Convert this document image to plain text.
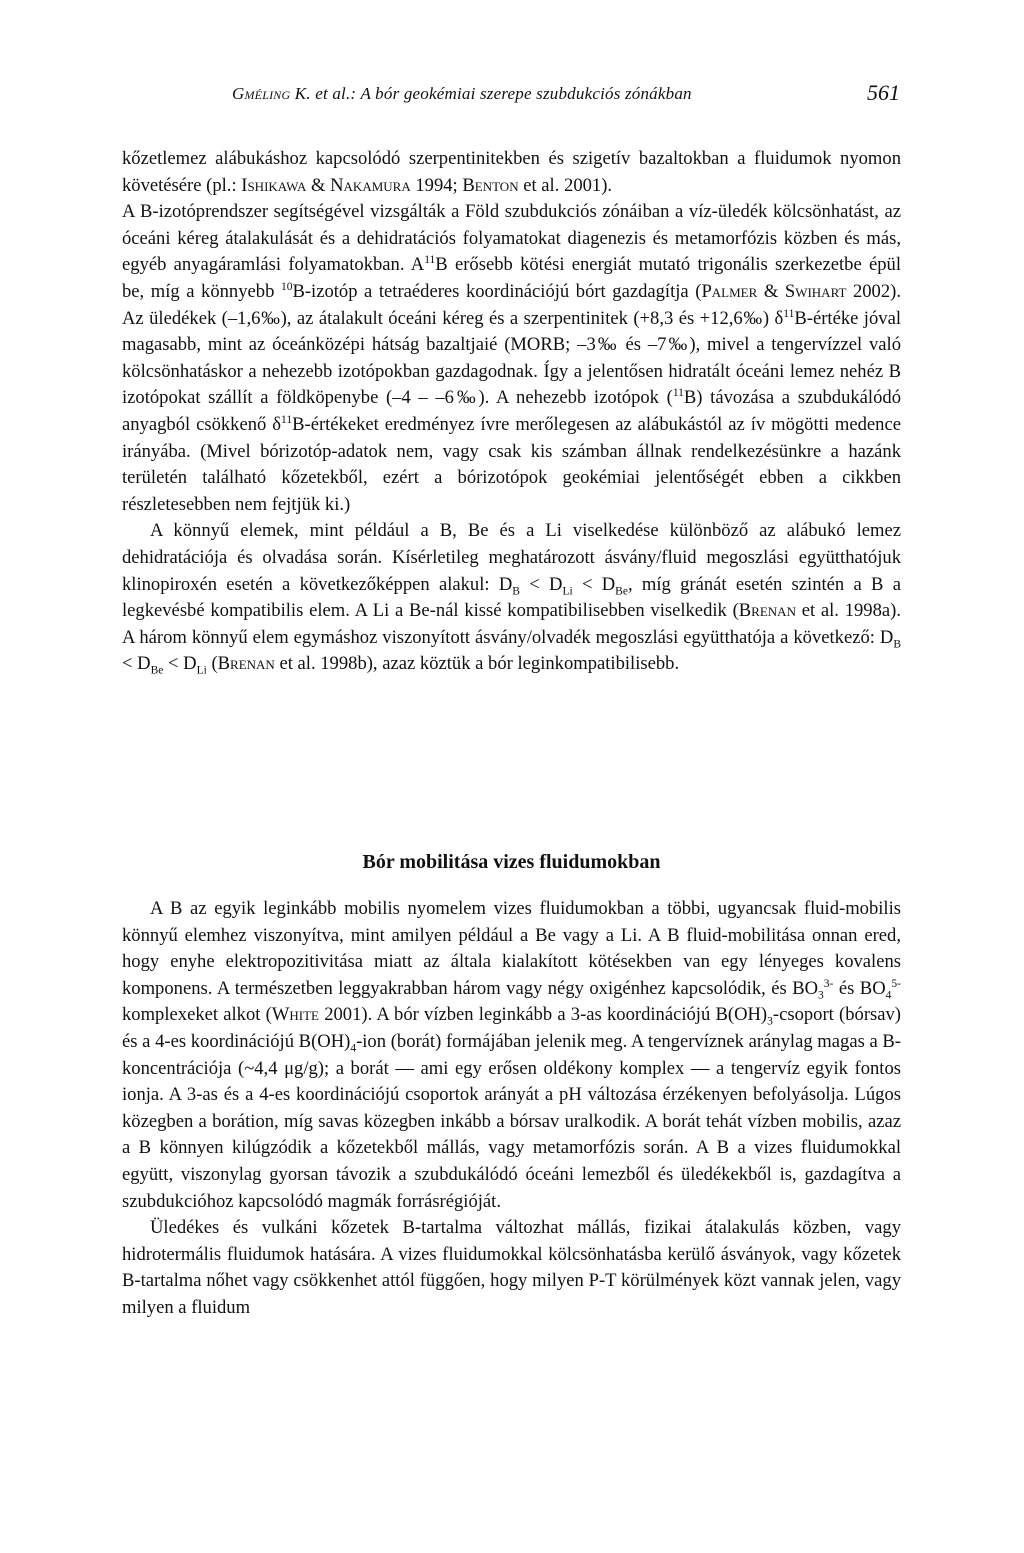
Gméling K. et al.: A bór geokémiai szerepe szubdukciós zónákban	561

kőzetlemez alábukáshoz kapcsolódó szerpentinitekben és szigetív bazaltokban a fluidumok nyomon követésére (pl.: Ishikawa & Nakamura 1994; Benton et al. 2001).

A B-izotóprendszer segítségével vizsgálták a Föld szubdukciós zónáiban a víz-üledék kölcsönhatást, az óceáni kéreg átalakulását és a dehidratációs folyamatokat diagenezis és metamorfózis közben és más, egyéb anyagáramlási folyamatokban. $A^{11}B$ erősebb kötési energiát mutató trigonális szerkezetbe épül be, míg a könnyebb $^{10}$B-izotóp a tetraéderes koordinációjú bórt gazdagítja (Palmer & Swihart 2002). Az üledékek (–1,6‰), az átalakult óceáni kéreg és a szerpentinitek (+8,3 és +12,6‰) $\delta^{11}B$-értéke jóval magasabb, mint az óceánközépi hátság bazaltjaié (MORB; –3‰ és –7‰), mivel a tengervízzel való kölcsönhatáskor a nehezebb izotópokban gazdagodnak. Így a jelentősen hidratált óceáni lemez nehéz B izotópokat szállít a földköpenybe (–4 – –6‰). A nehezebb izotópok ($^{11}$B) távozása a szubdukálódó anyagból csökkenő $\delta^{11}B$-értékeket eredményez ívre merőlegesen az alábukástól az ív mögötti medence irányába. (Mivel bórizotóp-adatok nem, vagy csak kis számban állnak rendelkezésünkre a hazánk területén található kőzetekből, ezért a bórizotópok geokémiai jelentőségét ebben a cikkben részletesebben nem fejtjük ki.)

A könnyű elemek, mint például a B, Be és a Li viselkedése különböző az alábukó lemez dehidratációja és olvadása során. Kísérletileg meghatározott ásvány/fluid megoszlási együtthatójuk klinopiroxén esetén a következőképpen alakul: $D_B < D_{Li} < D_{Be}$, míg gránát esetén szintén a B a legkevésbé kompatibilis elem. A Li a Be-nál kissé kompatibilisebben viselkedik (Brenan et al. 1998a). A három könnyű elem egymáshoz viszonyított ásvány/olvadék megoszlási együtthatója a következő: $D_B < D_{Be} < D_{Li}$ (Brenan et al. 1998b), azaz köztük a bór leginkompatibilisebb.

Bór mobilitása vizes fluidumokban

A B az egyik leginkább mobilis nyomelem vizes fluidumokban a többi, ugyancsak fluid-mobilis könnyű elemhez viszonyítva, mint amilyen például a Be vagy a Li. A B fluid-mobilitása onnan ered, hogy enyhe elektropozitivitása miatt az általa kialakított kötésekben van egy lényeges kovalens komponens. A természetben leggyakrabban három vagy négy oxigénhez kapcsolódik, és $BO_3^{3-}$ és $BO_4^{5-}$ komplexeket alkot (White 2001). A bór vízben leginkább a 3-as koordinációjú $B(OH)_3$-csoport (bórsav) és a 4-es koordinációjú $B(OH)_4$-ion (borát) formájában jelenik meg. A tengervíznek aránylag magas a B-koncentrációja (~4,4 μg/g); a borát — ami egy erősen oldékony komplex — a tengervíz egyik fontos ionja. A 3-as és a 4-es koordinációjú csoportok arányát a pH változása érzékenyen befolyásolja. Lúgos közegben a borátion, míg savas közegben inkább a bórsav uralkodik. A borát tehát vízben mobilis, azaz a B könnyen kilúgzódik a kőzetekből mállás, vagy metamorfózis során. A B a vizes fluidumokkal együtt, viszonylag gyorsan távozik a szubdukálódó óceáni lemezből és üledékekből is, gazdagítva a szubdukcióhoz kapcsolódó magmák forrásrégióját.

Üledékes és vulkáni kőzetek B-tartalma változhat mállás, fizikai átalakulás közben, vagy hidrotermális fluidumok hatására. A vizes fluidumokkal kölcsönhatásba kerülő ásványok, vagy kőzetek B-tartalma nőhet vagy csökkenhet attól függően, hogy milyen P-T körülmények közt vannak jelen, vagy milyen a fluidum
